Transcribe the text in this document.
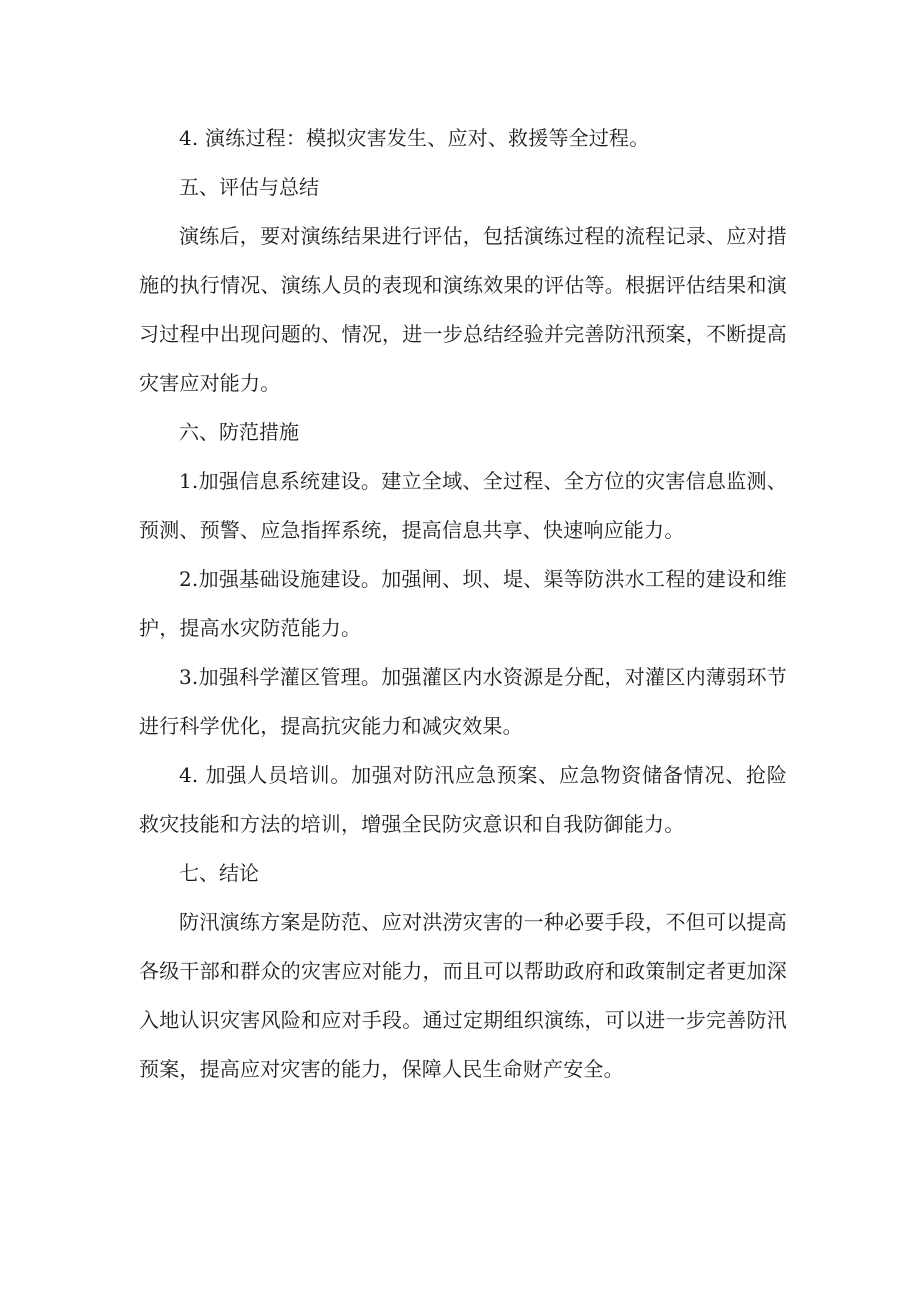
4. 演练过程：模拟灾害发生、应对、救援等全过程。

五、评估与总结

演练后，要对演练结果进行评估，包括演练过程的流程记录、应对措施的执行情况、演练人员的表现和演练效果的评估等。根据评估结果和演习过程中出现问题的、情况，进一步总结经验并完善防汛预案，不断提高灾害应对能力。

六、防范措施

1.加强信息系统建设。建立全域、全过程、全方位的灾害信息监测、预测、预警、应急指挥系统，提高信息共享、快速响应能力。

2.加强基础设施建设。加强闸、坝、堤、渠等防洪水工程的建设和维护，提高水灾防范能力。

3.加强科学灌区管理。加强灌区内水资源是分配，对灌区内薄弱环节进行科学优化，提高抗灾能力和减灾效果。

4. 加强人员培训。加强对防汛应急预案、应急物资储备情况、抢险救灾技能和方法的培训，增强全民防灾意识和自我防御能力。

七、结论

防汛演练方案是防范、应对洪涝灾害的一种必要手段，不但可以提高各级干部和群众的灾害应对能力，而且可以帮助政府和政策制定者更加深入地认识灾害风险和应对手段。通过定期组织演练，可以进一步完善防汛预案，提高应对灾害的能力，保障人民生命财产安全。
